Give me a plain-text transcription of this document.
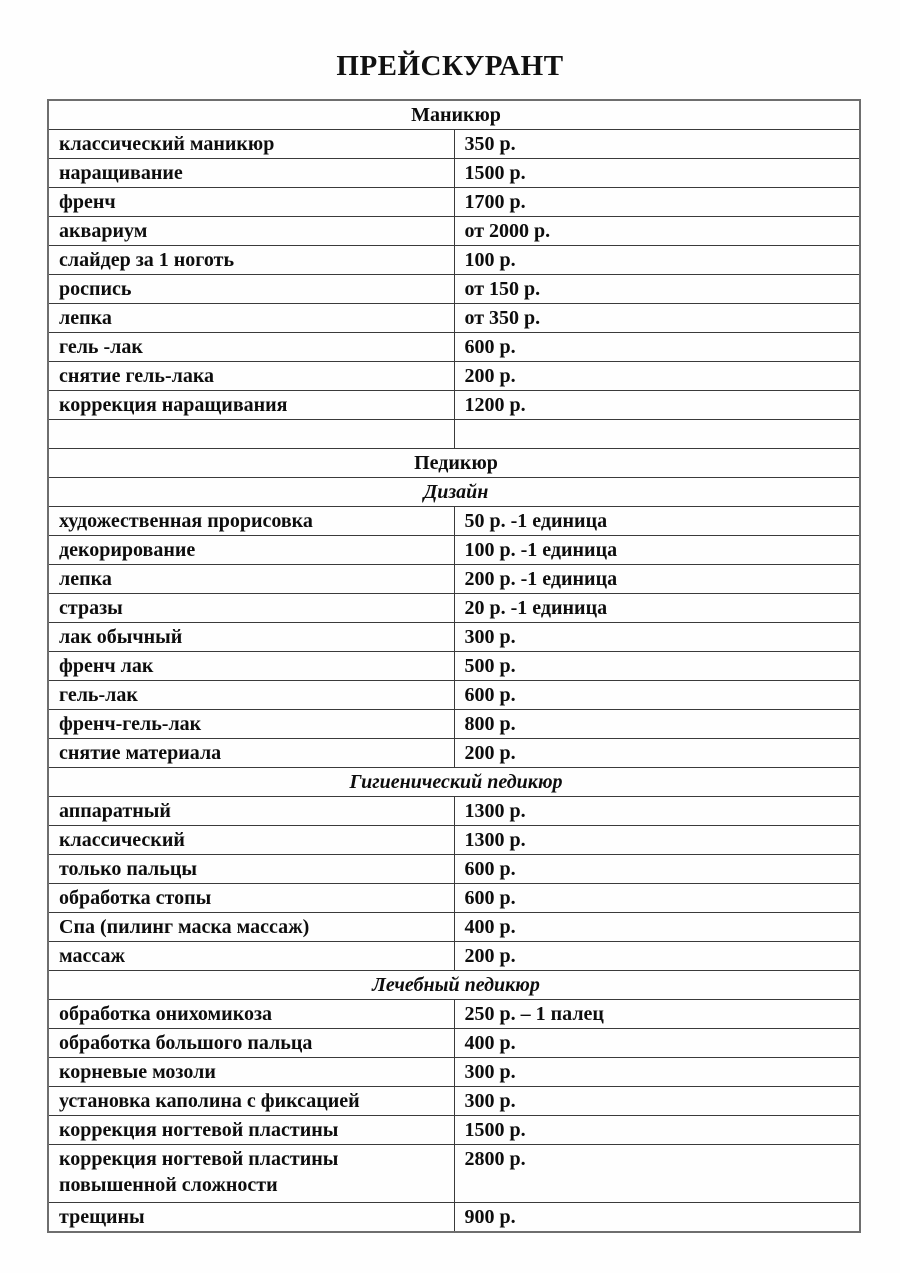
ПРЕЙСКУРАНТ
Маникюр	
классический маникюр	350 р.
наращивание	1500 р.
френч	1700 р.
аквариум	от 2000 р.
слайдер за 1 ноготь	100 р.
роспись	от 150 р.
лепка	от 350 р.
гель -лак	600 р.
снятие гель-лака	200 р.
коррекция наращивания	1200 р.

Педикюр	
Дизайн	
художественная прорисовка	50 р. -1 единица
декорирование	100 р. -1 единица
лепка	200 р. -1 единица
стразы	20 р. -1 единица
лак обычный	300 р.
френч лак	500 р.
гель-лак	600 р.
френч-гель-лак	800 р.
снятие материала	200 р.
Гигиенический педикюр	
аппаратный	1300 р.
классический	1300 р.
только пальцы	600 р.
обработка стопы	600 р.
Спа (пилинг маска массаж)	400 р.
массаж	200 р.
Лечебный педикюр	
обработка онихомикоза	250 р. – 1 палец
обработка большого пальца	400 р.
корневые мозоли	300 р.
установка каполина с фиксацией	300 р.
коррекция ногтевой пластины	1500 р.
коррекция ногтевой пластины повышенной сложности	2800 р.
трещины	900 р.
